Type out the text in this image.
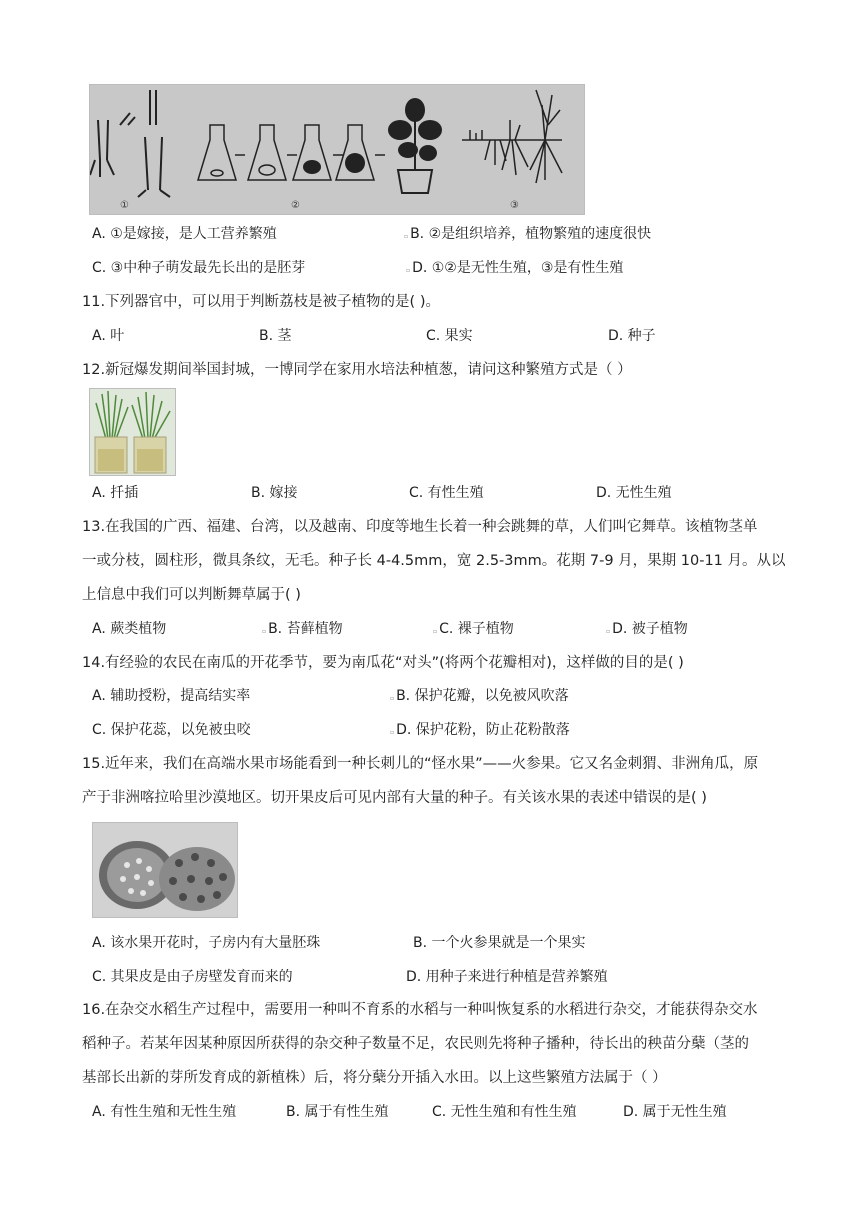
①	②	③
A. ①是嫁接，是人工营养繁殖	▫ B. ②是组织培养，植物繁殖的速度很快
C. ③中种子萌发最先长出的是胚芽	▫ D. ①②是无性生殖，③是有性生殖
11.下列器官中，可以用于判断荔枝是被子植物的是( )。
A. 叶	B. 茎	C. 果实	D. 种子
12.新冠爆发期间举国封城，一博同学在家用水培法种植葱，请问这种繁殖方式是（ ）
A. 扦插	B. 嫁接	C. 有性生殖	D. 无性生殖
13.在我国的广西、福建、台湾，以及越南、印度等地生长着一种会跳舞的草，人们叫它舞草。该植物茎单
一或分枝，圆柱形，微具条纹，无毛。种子长 4-4.5mm，宽 2.5-3mm。花期 7-9 月，果期 10-11 月。从以
上信息中我们可以判断舞草属于( )
A. 蕨类植物	▫ B. 苔藓植物	▫ C. 裸子植物	▫ D. 被子植物
14.有经验的农民在南瓜的开花季节，要为南瓜花“对头”(将两个花瓣相对)，这样做的目的是( )
A. 辅助授粉，提高结实率	▫ B. 保护花瓣，以免被风吹落
C. 保护花蕊，以免被虫咬	▫ D. 保护花粉，防止花粉散落
15.近年来，我们在高端水果市场能看到一种长刺儿的“怪水果”——火参果。它又名金刺猬、非洲角瓜，原
产于非洲喀拉哈里沙漠地区。切开果皮后可见内部有大量的种子。有关该水果的表述中错误的是( )
A. 该水果开花时，子房内有大量胚珠	B. 一个火参果就是一个果实
C. 其果皮是由子房壁发育而来的	D. 用种子来进行种植是营养繁殖
16.在杂交水稻生产过程中，需要用一种叫不育系的水稻与一种叫恢复系的水稻进行杂交，才能获得杂交水
稻种子。若某年因某种原因所获得的杂交种子数量不足，农民则先将种子播种，待长出的秧苗分蘖（茎的
基部长出新的芽所发育成的新植株）后，将分蘖分开插入水田。以上这些繁殖方法属于（ ）
A. 有性生殖和无性生殖	B. 属于有性生殖	C. 无性生殖和有性生殖	D. 属于无性生殖
